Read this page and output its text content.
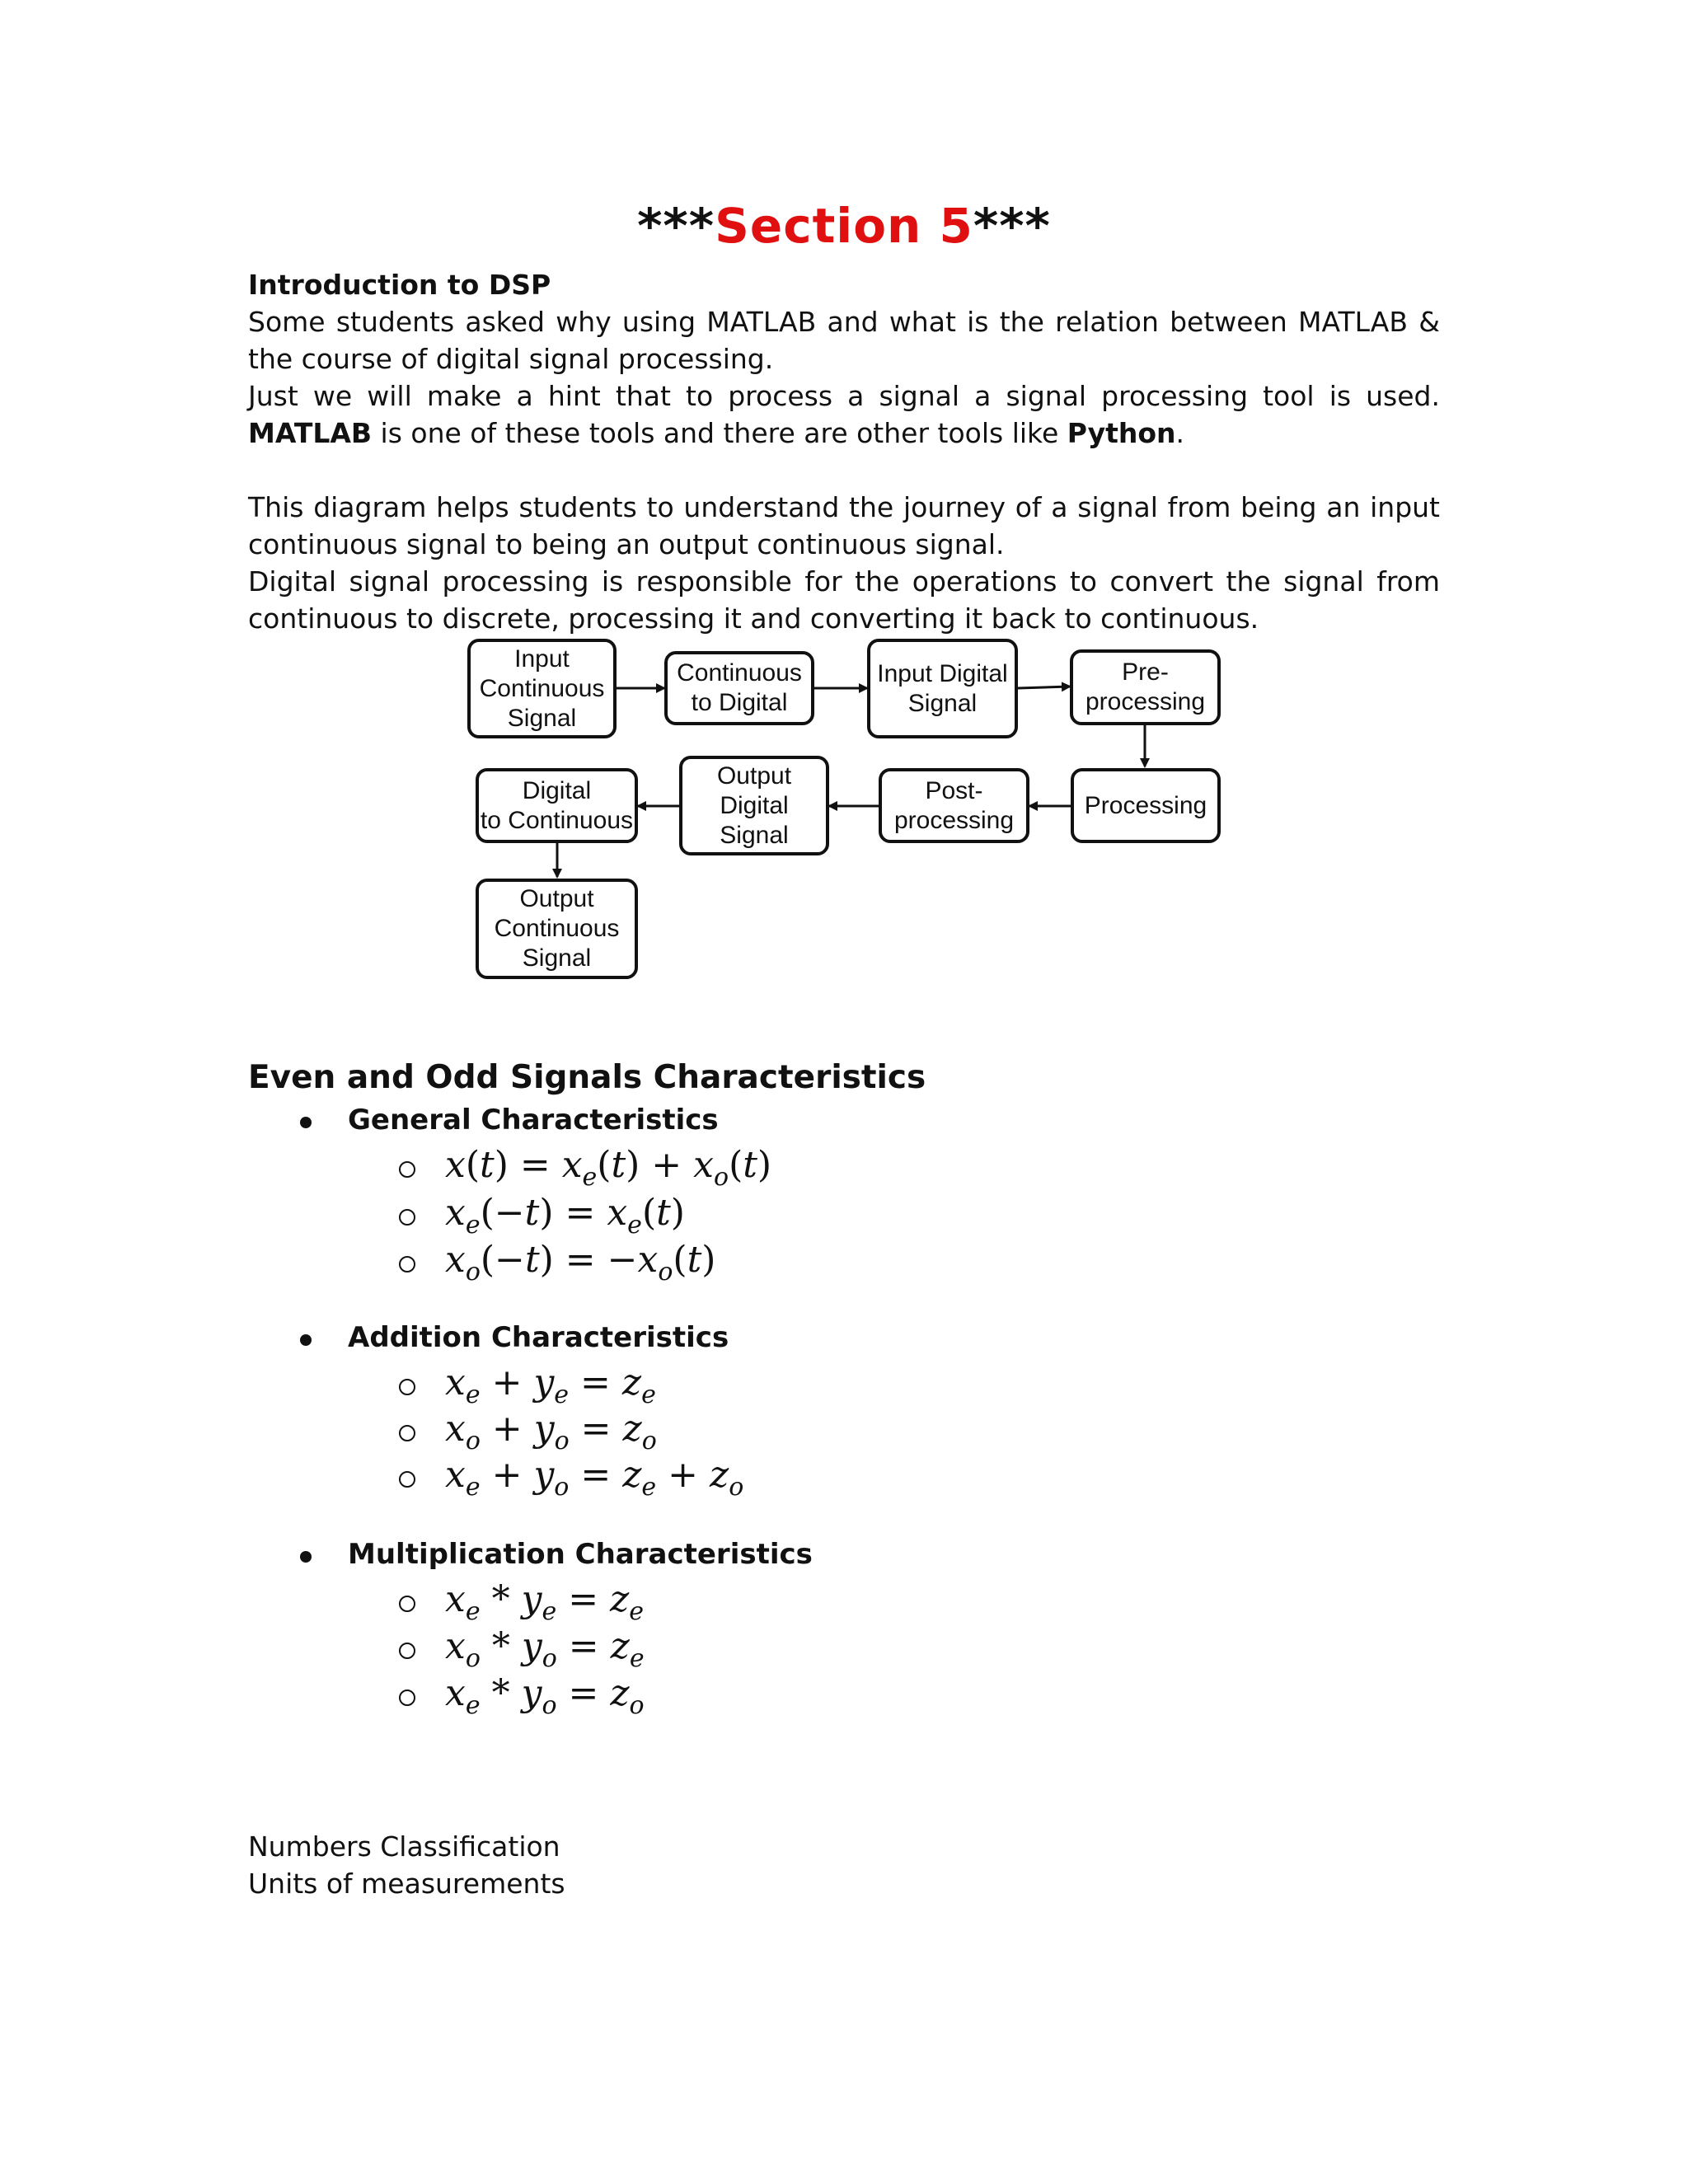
***Section 5***
Introduction to DSP
Some students asked why using MATLAB and what is the relation between MATLAB & the course of digital signal processing.
Just we will make a hint that to process a signal a signal processing tool is used. MATLAB is one of these tools and there are other tools like Python.
This diagram helps students to understand the journey of a signal from being an input continuous signal to being an output continuous signal.
Digital signal processing is responsible for the operations to convert the signal from continuous to discrete, processing it and converting it back to continuous.
Input
Continuous
Signal
Continuous
to Digital
Input Digital
Signal
Pre-
processing
Processing
Post-
processing
Output
Digital
Signal
Digital
to Continuous
Output
Continuous
Signal
Even and Odd Signals Characteristics
General Characteristics
$x(t) = x_e(t) + x_o(t)$
$x_e(-t) = x_e(t)$
$x_o(-t) = -x_o(t)$
Addition Characteristics
$x_e + y_e = z_e$
$x_o + y_o = z_o$
$x_e + y_o = z_e + z_o$
Multiplication Characteristics
$x_e * y_e = z_e$
$x_o * y_o = z_e$
$x_e * y_o = z_o$
Numbers Classification
Units of measurements
